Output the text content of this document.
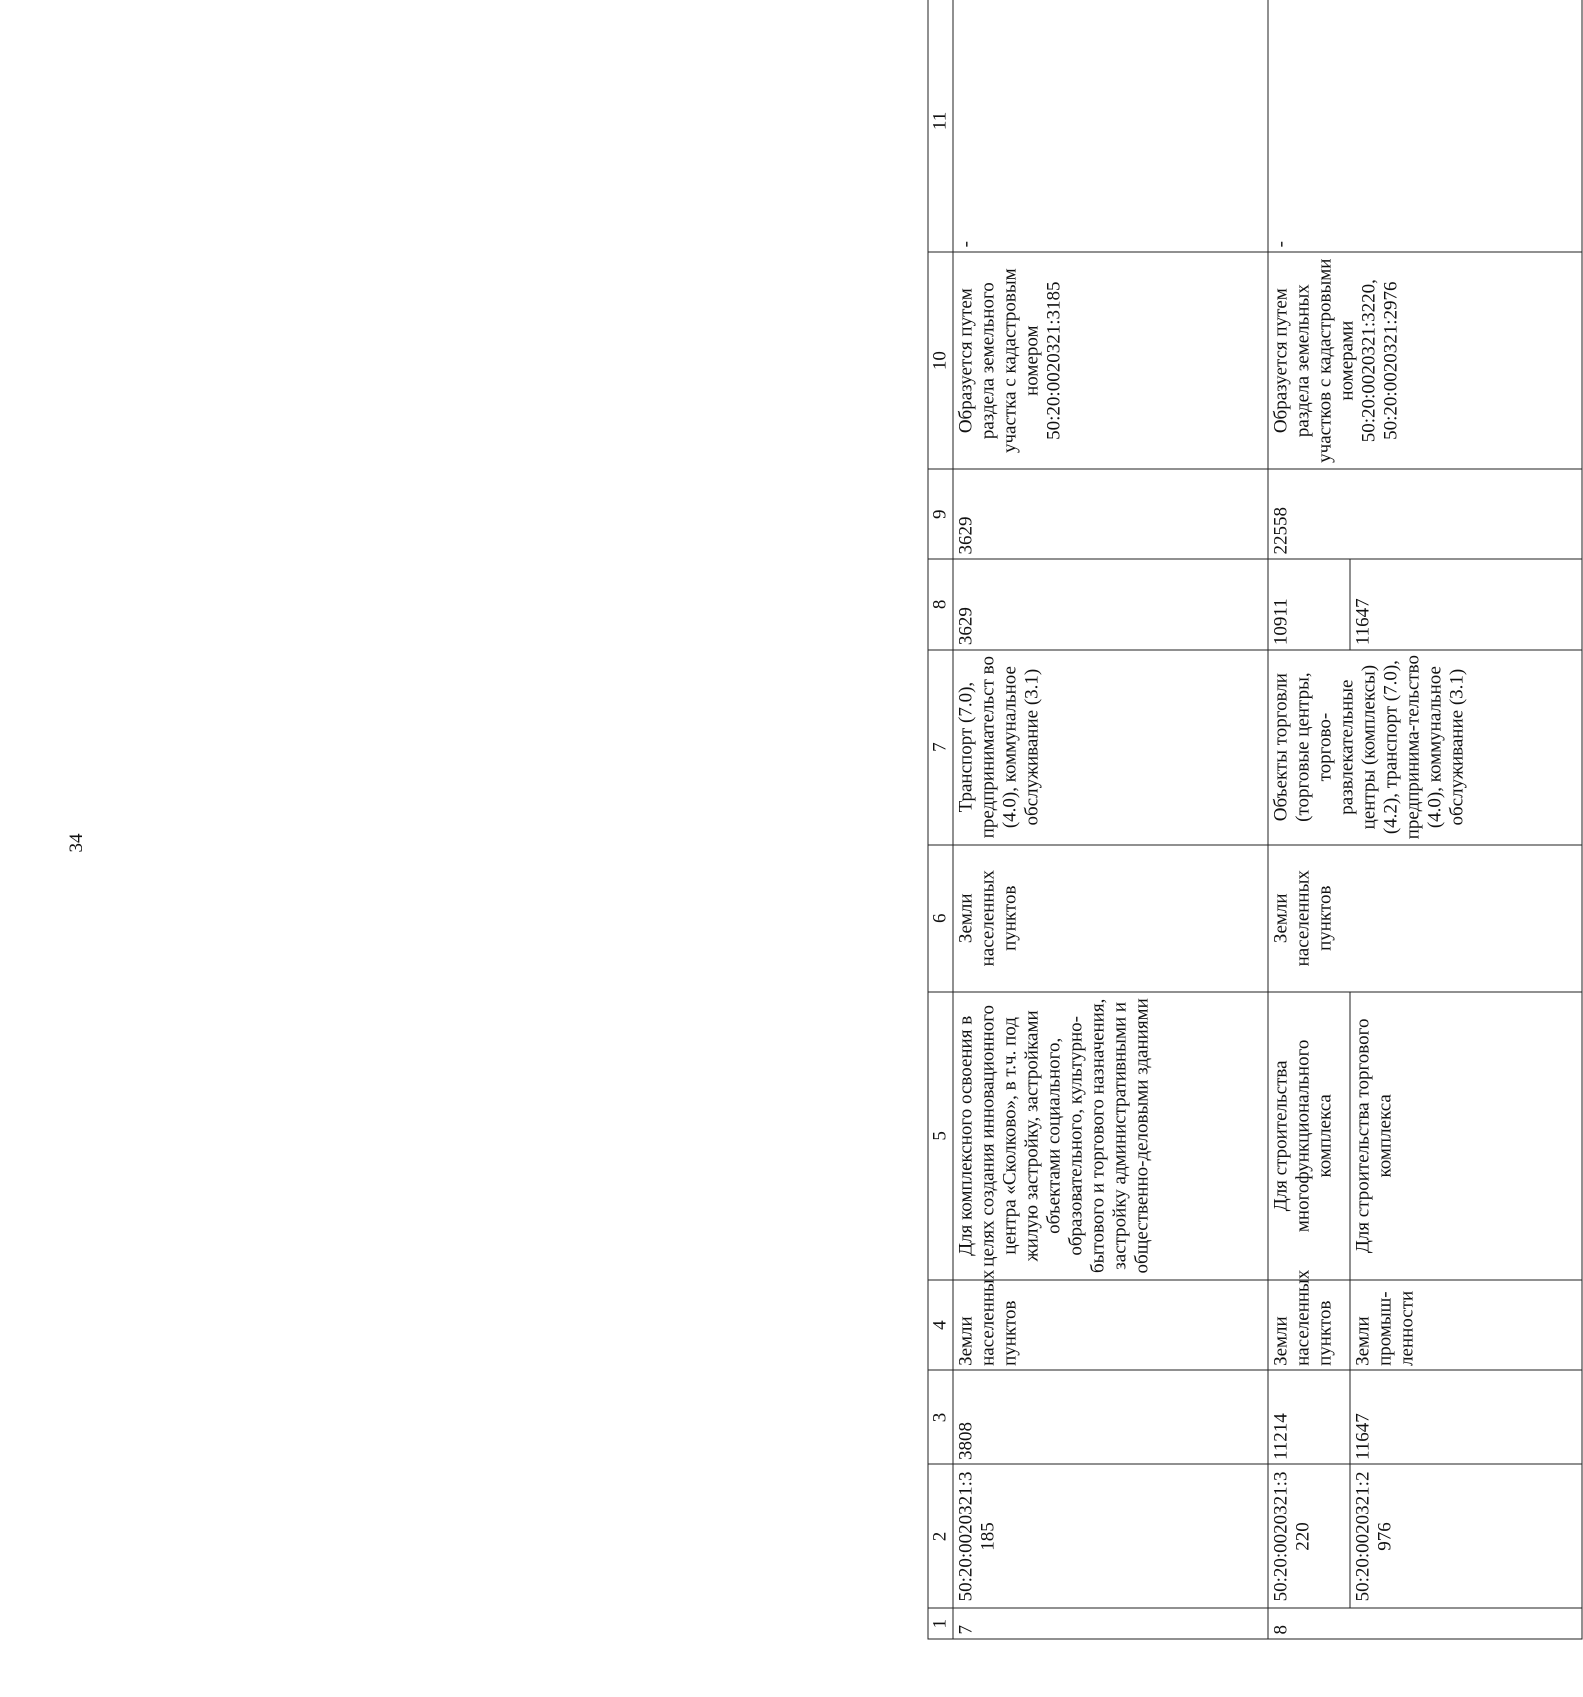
34
1	2	3	4	5	6	7	8	9	10	11
7	50:20:0020321:3 185	3808	Земли населенных пунктов	Для комплексного освоения в целях создания инновационного центра «Сколково», в т.ч. под жилую застройку, застройками объектами социального, образовательного, культурно-бытового и торгового назначения, застройку административными и общественно-деловыми зданиями	Земли населенных пунктов	Транспорт (7.0), предпринимательст во (4.0), коммунальное обслуживание (3.1)	3629	3629	Образуется путем раздела земельного участка с кадастровым номером 50:20:0020321:3185	-
8	50:20:0020321:3 220	11214	Земли населенных пунктов	Для строительства многофункционального комплекса	Земли населенных пунктов	Объекты торговли (торговые центры, торгово-развлекательные центры (комплексы) (4.2), транспорт (7.0), предпринима-тельство (4.0), коммунальное обслуживание (3.1)	10911	22558	Образуется путем раздела земельных участков с кадастровыми номерами 50:20:0020321:3220, 50:20:0020321:2976	-
	50:20:0020321:2 976	11647	Земли промыш-ленности	Для строительства торгового комплекса			11647			
